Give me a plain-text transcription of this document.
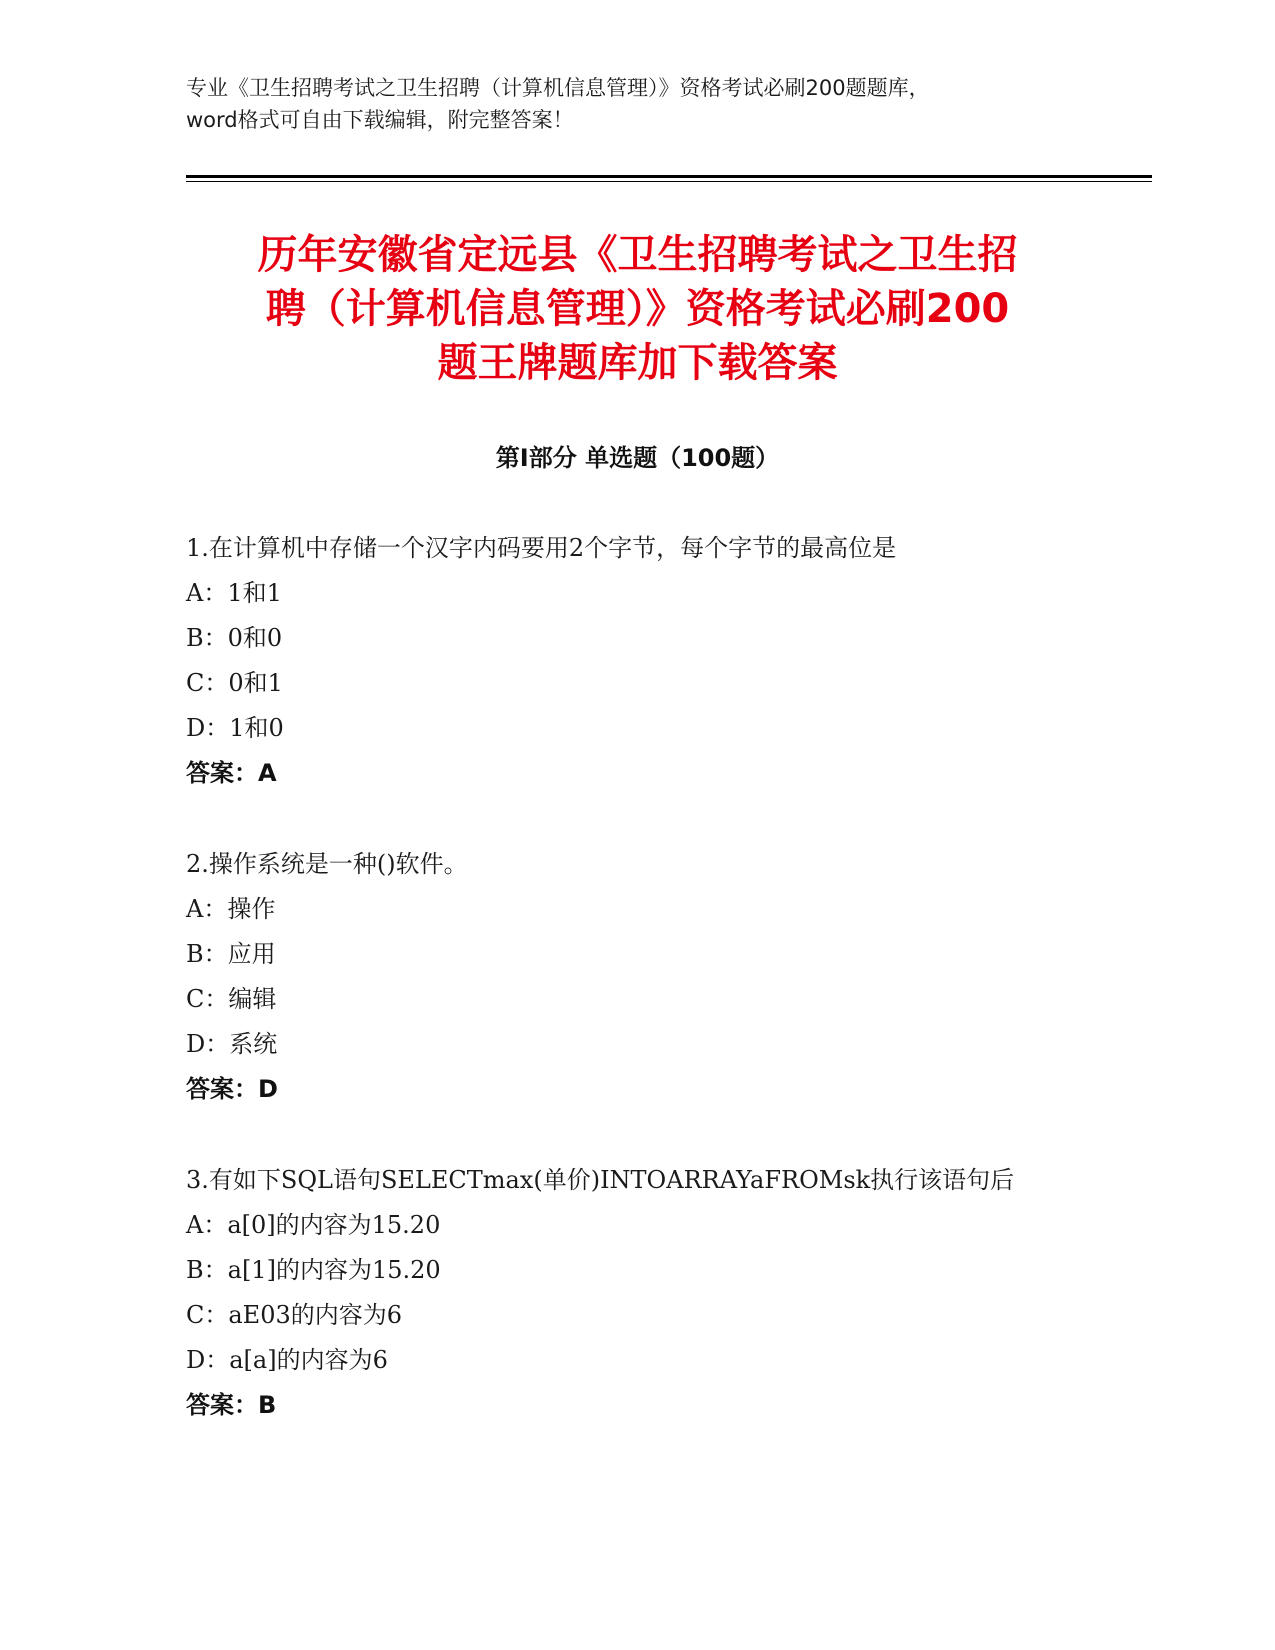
专业《卫生招聘考试之卫生招聘（计算机信息管理）》资格考试必刷200题题库，
word格式可自由下载编辑，附完整答案！
历年安徽省定远县《卫生招聘考试之卫生招
聘（计算机信息管理）》资格考试必刷200
题王牌题库加下载答案
第Ⅰ部分 单选题（100题）
1.在计算机中存储一个汉字内码要用2个字节，每个字节的最高位是
A：1和1
B：0和0
C：0和1
D：1和0
答案：A
2.操作系统是一种()软件。
A：操作
B：应用
C：编辑
D：系统
答案：D
3.有如下SQL语句SELECTmax(单价)INTOARRAYaFROMsk执行该语句后
A：a[0]的内容为15.20
B：a[1]的内容为15.20
C：aE03的内容为6
D：a[a]的内容为6
答案：B
